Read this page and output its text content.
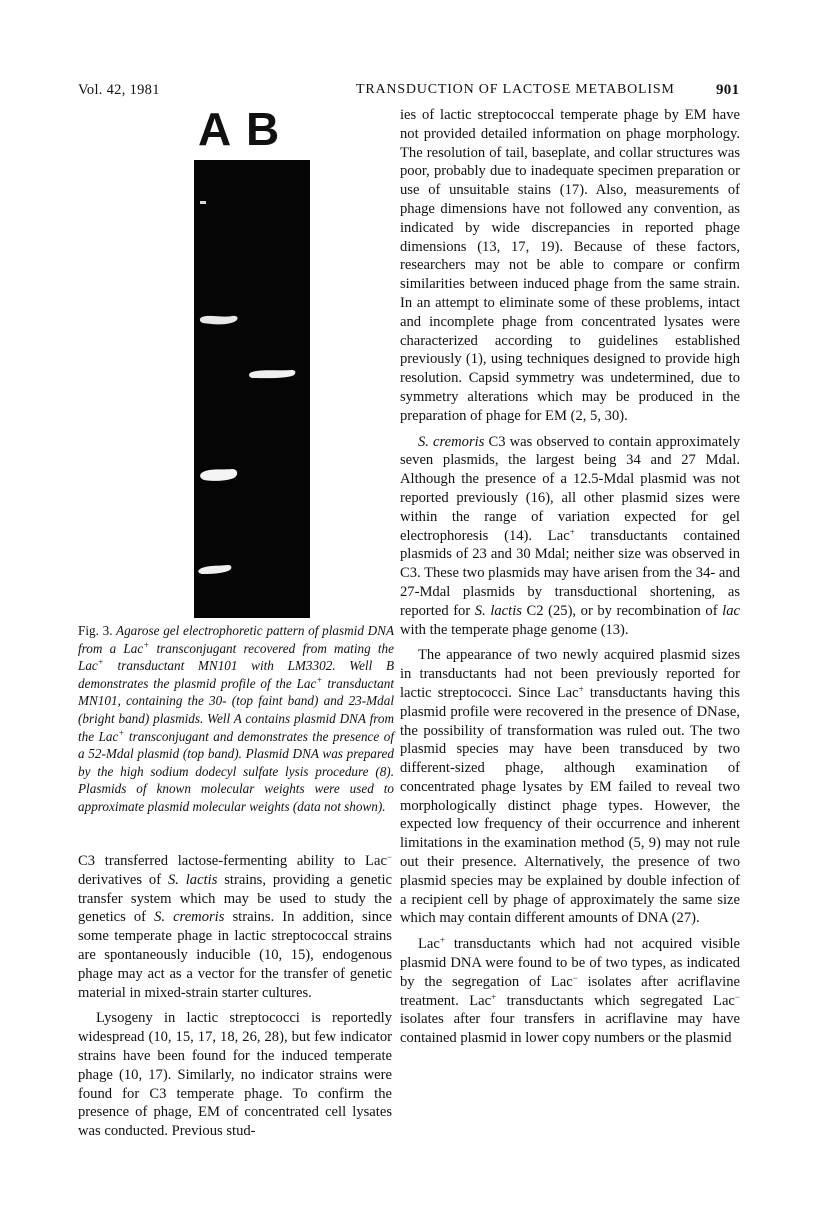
Vol. 42, 1981	TRANSDUCTION OF LACTOSE METABOLISM	901
A B
Fig. 3. Agarose gel electrophoretic pattern of plasmid DNA from a Lac+ transconjugant recovered from mating the Lac+ transductant MN101 with LM3302. Well B demonstrates the plasmid profile of the Lac+ transductant MN101, containing the 30- (top faint band) and 23-Mdal (bright band) plasmids. Well A contains plasmid DNA from the Lac+ transconjugant and demonstrates the presence of a 52-Mdal plasmid (top band). Plasmid DNA was prepared by the high sodium dodecyl sulfate lysis procedure (8). Plasmids of known molecular weights were used to approximate plasmid molecular weights (data not shown).

C3 transferred lactose-fermenting ability to Lac− derivatives of S. lactis strains, providing a genetic transfer system which may be used to study the genetics of S. cremoris strains. In addition, since some temperate phage in lactic streptococcal strains are spontaneously inducible (10, 15), endogenous phage may act as a vector for the transfer of genetic material in mixed-strain starter cultures.

Lysogeny in lactic streptococci is reportedly widespread (10, 15, 17, 18, 26, 28), but few indicator strains have been found for the induced temperate phage (10, 17). Similarly, no indicator strains were found for C3 temperate phage. To confirm the presence of phage, EM of concentrated cell lysates was conducted. Previous stud-

ies of lactic streptococcal temperate phage by EM have not provided detailed information on phage morphology. The resolution of tail, baseplate, and collar structures was poor, probably due to inadequate specimen preparation or use of unsuitable stains (17). Also, measurements of phage dimensions have not followed any convention, as indicated by wide discrepancies in reported phage dimensions (13, 17, 19). Because of these factors, researchers may not be able to compare or confirm similarities between induced phage from the same strain. In an attempt to eliminate some of these problems, intact and incomplete phage from concentrated lysates were characterized according to guidelines established previously (1), using techniques designed to provide high resolution. Capsid symmetry was undetermined, due to symmetry alterations which may be produced in the preparation of phage for EM (2, 5, 30).

S. cremoris C3 was observed to contain approximately seven plasmids, the largest being 34 and 27 Mdal. Although the presence of a 12.5-Mdal plasmid was not reported previously (16), all other plasmid sizes were within the range of variation expected for gel electrophoresis (14). Lac+ transductants contained plasmids of 23 and 30 Mdal; neither size was observed in C3. These two plasmids may have arisen from the 34- and 27-Mdal plasmids by transductional shortening, as reported for S. lactis C2 (25), or by recombination of lac with the temperate phage genome (13).

The appearance of two newly acquired plasmid sizes in transductants had not been previously reported for lactic streptococci. Since Lac+ transductants having this plasmid profile were recovered in the presence of DNase, the possibility of transformation was ruled out. The two plasmid species may have been transduced by two different-sized phage, although examination of concentrated phage lysates by EM failed to reveal two morphologically distinct phage types. However, the expected low frequency of their occurrence and inherent limitations in the examination method (5, 9) may not rule out their presence. Alternatively, the presence of two plasmid species may be explained by double infection of a recipient cell by phage of approximately the same size which may contain different amounts of DNA (27).

Lac+ transductants which had not acquired visible plasmid DNA were found to be of two types, as indicated by the segregation of Lac− isolates after acriflavine treatment. Lac+ transductants which segregated Lac− isolates after four transfers in acriflavine may have contained plasmid in lower copy numbers or the plasmid
